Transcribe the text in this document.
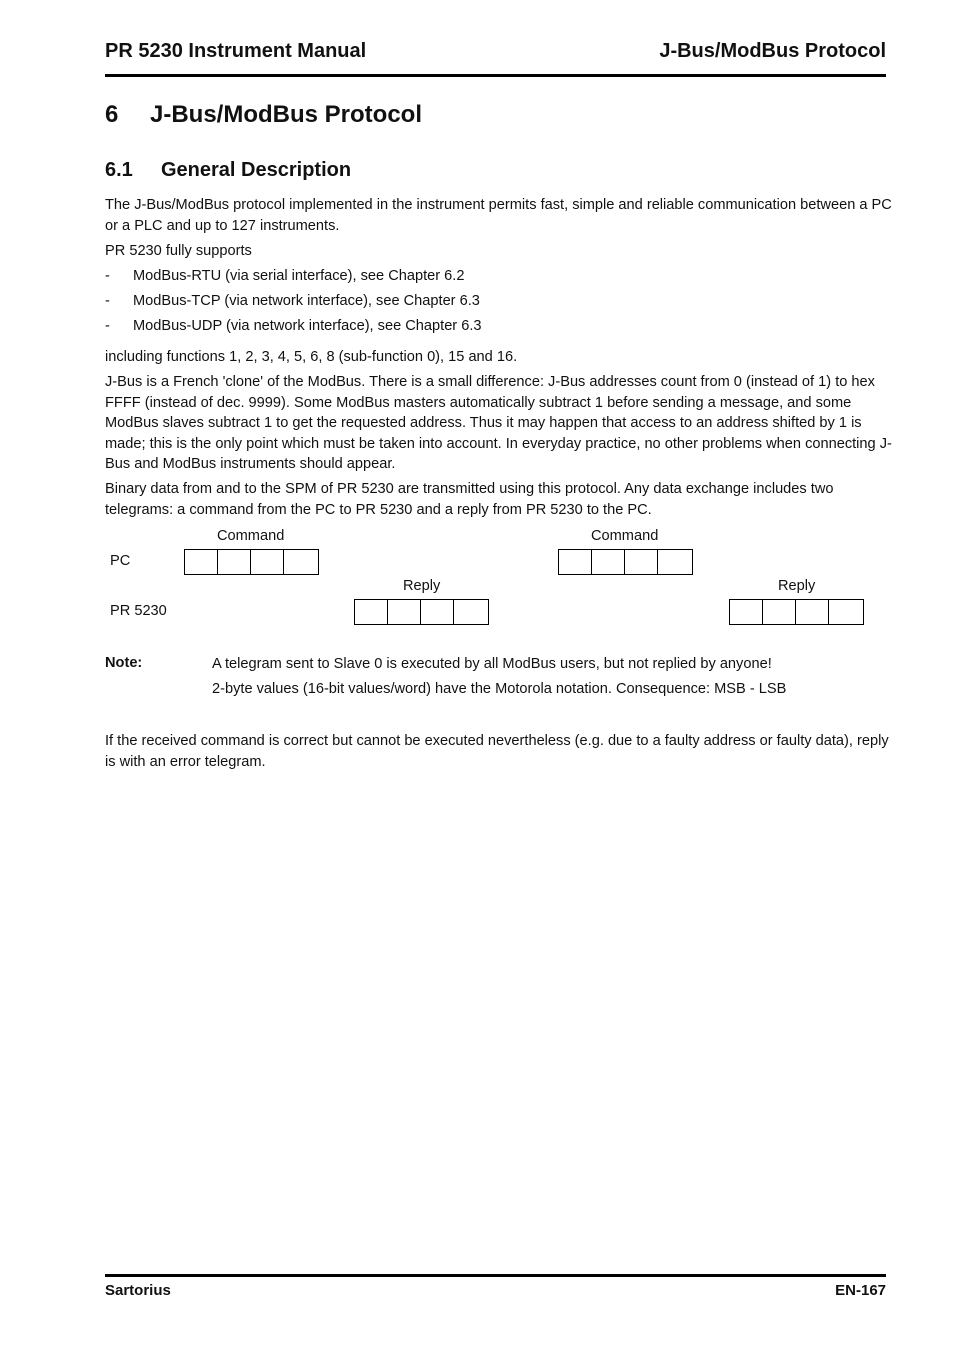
PR 5230 Instrument Manual	J-Bus/ModBus Protocol
6 J-Bus/ModBus Protocol
6.1 General Description

The J-Bus/ModBus protocol implemented in the instrument permits fast, simple and reliable communication between a PC or a PLC and up to 127 instruments.

PR 5230 fully supports

- ModBus-RTU (via serial interface), see Chapter 6.2
- ModBus-TCP (via network interface), see Chapter 6.3
- ModBus-UDP (via network interface), see Chapter 6.3

including functions 1, 2, 3, 4, 5, 6, 8 (sub-function 0), 15 and 16.

J-Bus is a French 'clone' of the ModBus. There is a small difference: J-Bus addresses count from 0 (instead of 1) to hex FFFF (instead of dec. 9999). Some ModBus masters automatically subtract 1 before sending a message, and some ModBus slaves subtract 1 to get the requested address. Thus it may happen that access to an address shifted by 1 is made; this is the only point which must be taken into account. In everyday practice, no other problems when connecting J-Bus and ModBus instruments should appear.

Binary data from and to the SPM of PR 5230 are transmitted using this protocol. Any data exchange includes two telegrams: a command from the PC to PR 5230 and a reply from PR 5230 to the PC.

Command	Command
PC
Reply	Reply
PR 5230
Note:	A telegram sent to Slave 0 is executed by all ModBus users, but not replied by anyone!
2-byte values (16-bit values/word) have the Motorola notation. Consequence: MSB - LSB

If the received command is correct but cannot be executed nevertheless (e.g. due to a faulty address or faulty data), reply is with an error telegram.

Sartorius	EN-167
